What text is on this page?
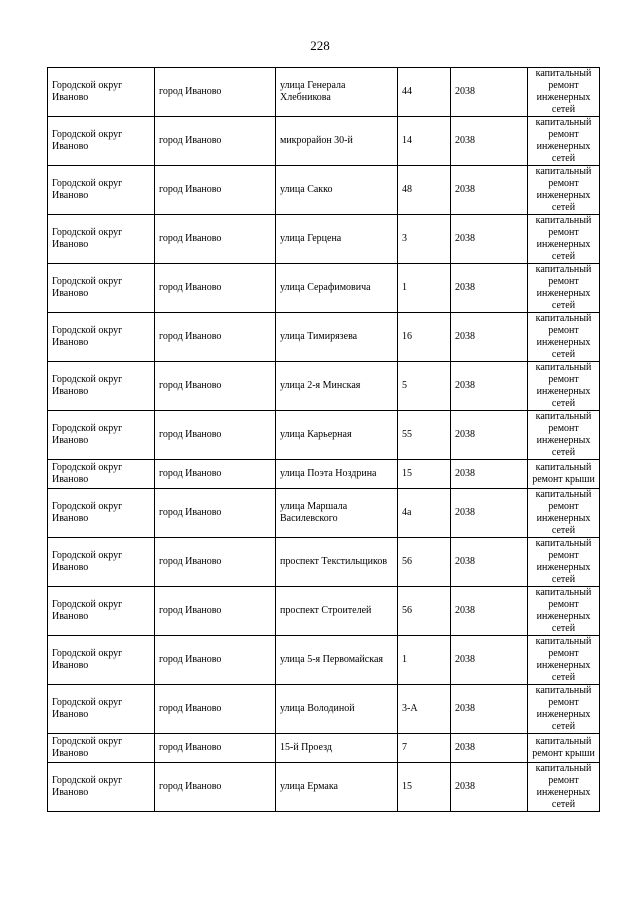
228
Городской округ Иваново	город Иваново	улица Генерала Хлебникова	44	2038	капитальный ремонт инженерных сетей
Городской округ Иваново	город Иваново	микрорайон 30-й	14	2038	капитальный ремонт инженерных сетей
Городской округ Иваново	город Иваново	улица Сакко	48	2038	капитальный ремонт инженерных сетей
Городской округ Иваново	город Иваново	улица Герцена	3	2038	капитальный ремонт инженерных сетей
Городской округ Иваново	город Иваново	улица Серафимовича	1	2038	капитальный ремонт инженерных сетей
Городской округ Иваново	город Иваново	улица Тимирязева	16	2038	капитальный ремонт инженерных сетей
Городской округ Иваново	город Иваново	улица 2-я Минская	5	2038	капитальный ремонт инженерных сетей
Городской округ Иваново	город Иваново	улица Карьерная	55	2038	капитальный ремонт инженерных сетей
Городской округ Иваново	город Иваново	улица Поэта Ноздрина	15	2038	капитальный ремонт крыши
Городской округ Иваново	город Иваново	улица Маршала Василевского	4а	2038	капитальный ремонт инженерных сетей
Городской округ Иваново	город Иваново	проспект Текстильщиков	56	2038	капитальный ремонт инженерных сетей
Городской округ Иваново	город Иваново	проспект Строителей	56	2038	капитальный ремонт инженерных сетей
Городской округ Иваново	город Иваново	улица 5-я Первомайская	1	2038	капитальный ремонт инженерных сетей
Городской округ Иваново	город Иваново	улица Володиной	3-А	2038	капитальный ремонт инженерных сетей
Городской округ Иваново	город Иваново	15-й Проезд	7	2038	капитальный ремонт крыши
Городской округ Иваново	город Иваново	улица Ермака	15	2038	капитальный ремонт инженерных сетей
